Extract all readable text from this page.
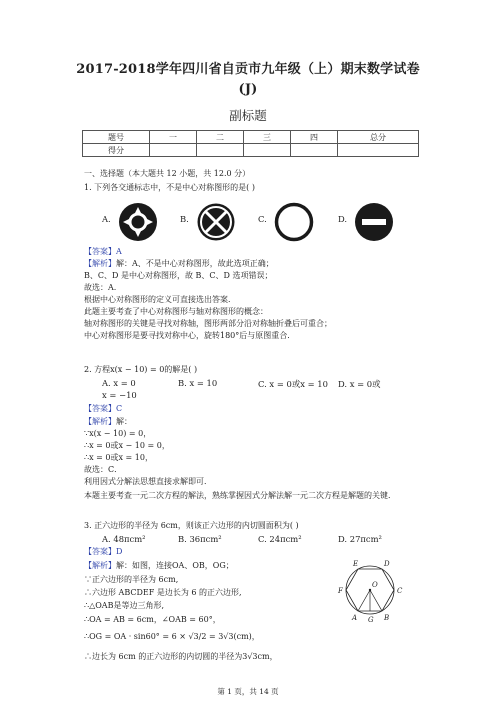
2017-2018学年四川省自贡市九年级（上）期末数学试卷
(J)
副标题
题号	一	二	三	四	总分
得分					
一、选择题（本大题共 12 小题，共 12.0 分）
1. 下列各交通标志中，不是中心对称图形的是( )
A.	B.	C.	D.
【答案】A
【解析】解：A、不是中心对称图形，故此选项正确；
B、C、D 是中心对称图形，故 B、C、D 选项错误；
故选：A.
根据中心对称图形的定义可直接选出答案．
此题主要考查了中心对称图形与轴对称图形的概念：
轴对称图形的关键是寻找对称轴，图形两部分沿对称轴折叠后可重合；
中心对称图形是要寻找对称中心，旋转180°后与原图重合．
2. 方程x(x − 10) = 0的解是( )
A. x = 0	B. x = 10	C. x = 0或x = 10 D. x = 0或
x = −10
【答案】C
【解析】解：
∵x(x − 10) = 0，
∴x = 0或x − 10 = 0，
∴x = 0或x = 10，
故选：C．
利用因式分解法思想直接求解即可．
本题主要考查一元二次方程的解法，熟练掌握因式分解法解一元二次方程是解题的关键．
3. 正六边形的半径为 6cm，则该正六边形的内切圆面积为( )
A. 48πcm²	B. 36πcm²	C. 24πcm²	D. 27πcm²
【答案】D
【解析】解：如图，连接OA、OB，OG；
∵正六边形的半径为 6cm,
∴六边形 ABCDEF 是边长为 6 的正六边形,
∴△OAB是等边三角形,
∴OA = AB = 6cm，∠OAB = 60°，
∴OG = OA · sin60° = 6 × √3/2 = 3√3(cm)，
∴边长为 6cm 的正六边形的内切圆的半径为3√3cm，
E	D
O
F	C
A G B
第 1 页，共 14 页
